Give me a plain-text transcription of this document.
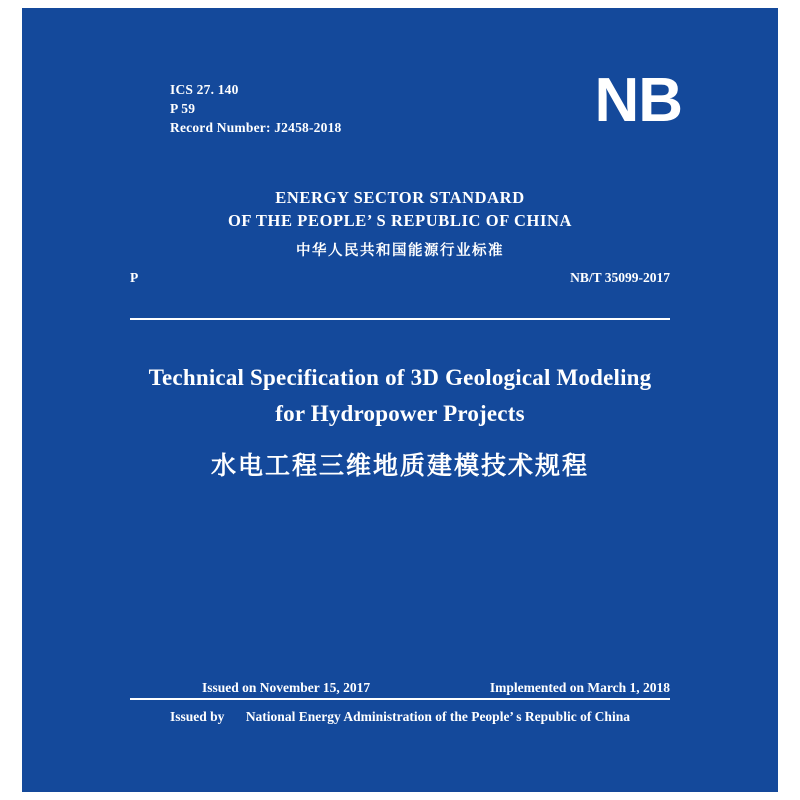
ICS 27. 140
P 59
Record Number: J2458-2018	NB
ENERGY SECTOR STANDARD
OF THE PEOPLE’ S REPUBLIC OF CHINA
中华人民共和国能源行业标准
P	NB/T 35099-2017
Technical Specification of 3D Geological Modeling
for Hydropower Projects
水电工程三维地质建模技术规程
Issued on November 15, 2017	Implemented on March 1, 2018
Issued by National Energy Administration of the People’ s Republic of China
